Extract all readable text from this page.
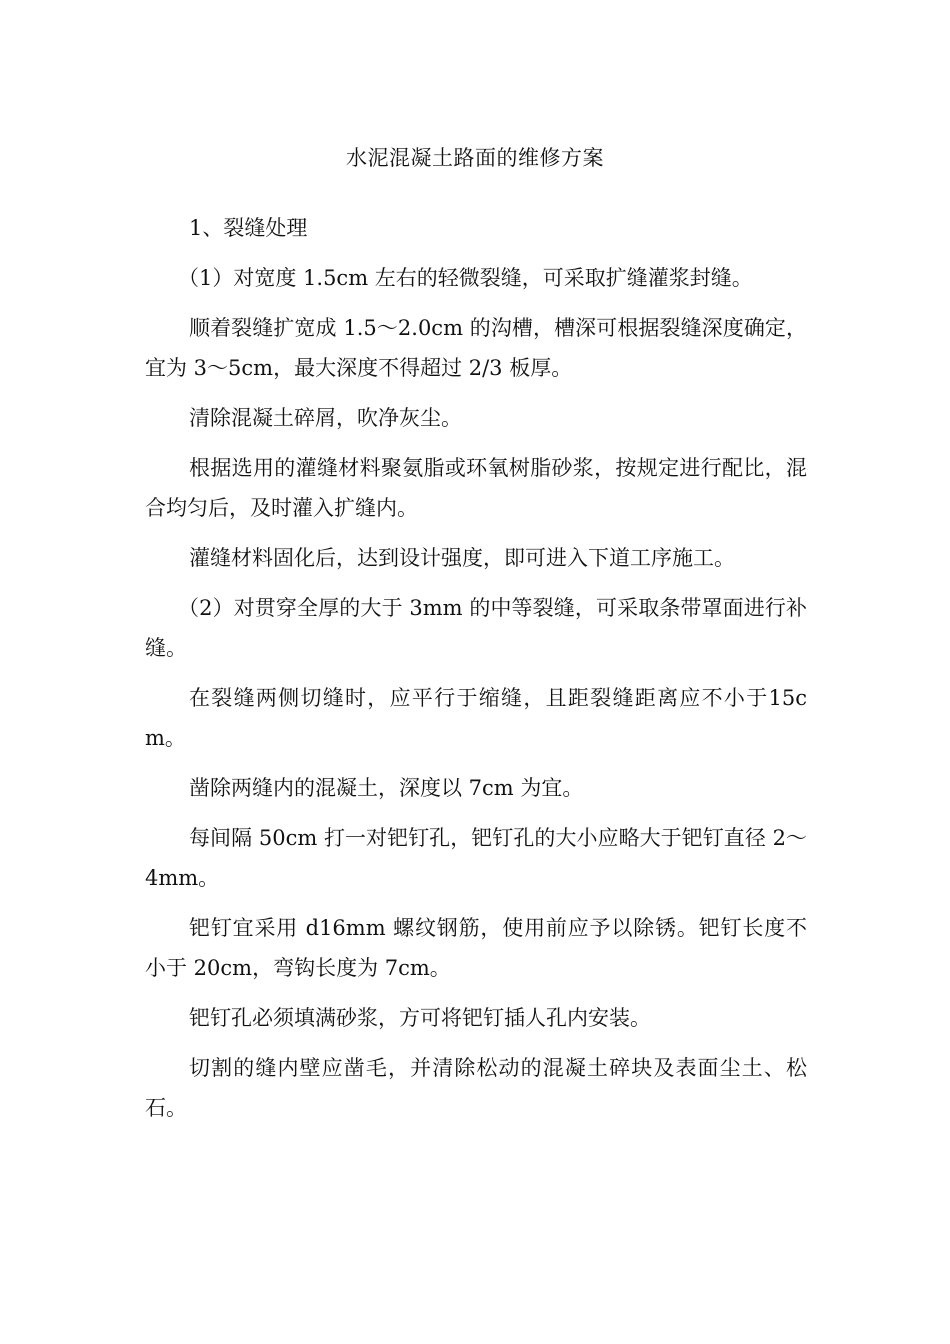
水泥混凝土路面的维修方案

1、裂缝处理

（1）对宽度 1.5cm 左右的轻微裂缝，可采取扩缝灌浆封缝。

顺着裂缝扩宽成 1.5～2.0cm 的沟槽，槽深可根据裂缝深度确定，宜为 3～5cm，最大深度不得超过 2/3 板厚。

清除混凝土碎屑，吹净灰尘。

根据选用的灌缝材料聚氨脂或环氧树脂砂浆，按规定进行配比，混合均匀后，及时灌入扩缝内。

灌缝材料固化后，达到设计强度，即可进入下道工序施工。

（2）对贯穿全厚的大于 3mm 的中等裂缝，可采取条带罩面进行补缝。

在裂缝两侧切缝时，应平行于缩缝，且距裂缝距离应不小于15cm。

凿除两缝内的混凝土，深度以 7cm 为宜。

每间隔 50cm 打一对钯钉孔，钯钉孔的大小应略大于钯钉直径 2～4mm。

钯钉宜采用 d16mm 螺纹钢筋，使用前应予以除锈。钯钉长度不小于 20cm，弯钩长度为 7cm。

钯钉孔必须填满砂浆，方可将钯钉插人孔内安装。

切割的缝内壁应凿毛，并清除松动的混凝土碎块及表面尘土、松石。
